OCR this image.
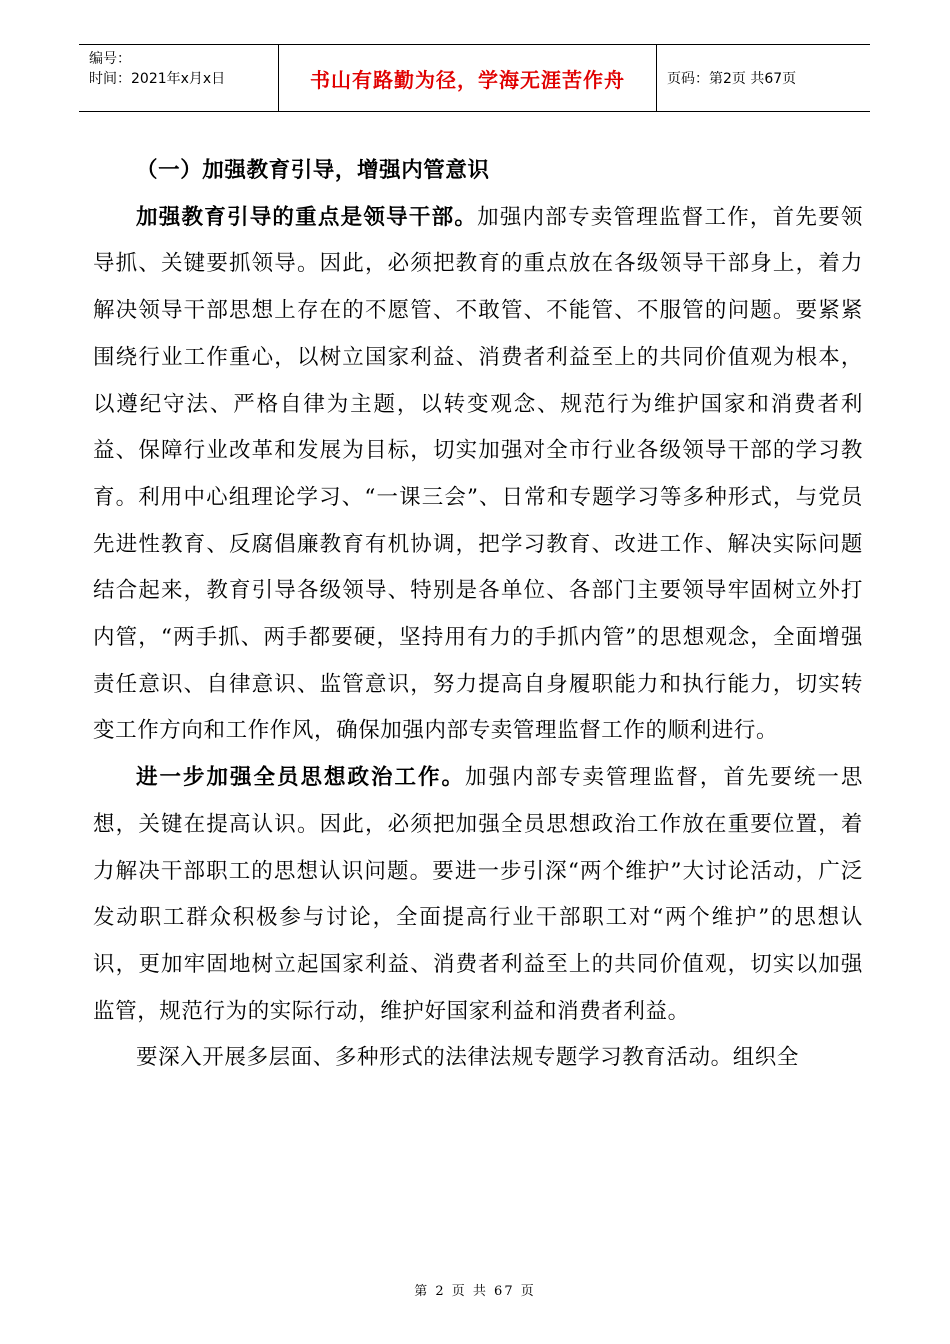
编号：
时间：2021年x月x日	书山有路勤为径，学海无涯苦作舟	页码：第2页 共67页

（一）加强教育引导，增强内管意识

加强教育引导的重点是领导干部。加强内部专卖管理监督工作，首先要领导抓、关键要抓领导。因此，必须把教育的重点放在各级领导干部身上，着力解决领导干部思想上存在的不愿管、不敢管、不能管、不服管的问题。要紧紧围绕行业工作重心，以树立国家利益、消费者利益至上的共同价值观为根本，以遵纪守法、严格自律为主题，以转变观念、规范行为维护国家和消费者利益、保障行业改革和发展为目标，切实加强对全市行业各级领导干部的学习教育。利用中心组理论学习、“一课三会”、日常和专题学习等多种形式，与党员先进性教育、反腐倡廉教育有机协调，把学习教育、改进工作、解决实际问题结合起来，教育引导各级领导、特别是各单位、各部门主要领导牢固树立外打内管，“两手抓、两手都要硬，坚持用有力的手抓内管”的思想观念，全面增强责任意识、自律意识、监管意识，努力提高自身履职能力和执行能力，切实转变工作方向和工作作风，确保加强内部专卖管理监督工作的顺利进行。

进一步加强全员思想政治工作。加强内部专卖管理监督，首先要统一思想，关键在提高认识。因此，必须把加强全员思想政治工作放在重要位置，着力解决干部职工的思想认识问题。要进一步引深“两个维护”大讨论活动，广泛发动职工群众积极参与讨论，全面提高行业干部职工对“两个维护”的思想认识，更加牢固地树立起国家利益、消费者利益至上的共同价值观，切实以加强监管，规范行为的实际行动，维护好国家利益和消费者利益。

要深入开展多层面、多种形式的法律法规专题学习教育活动。组织全

第 2 页 共 67 页
